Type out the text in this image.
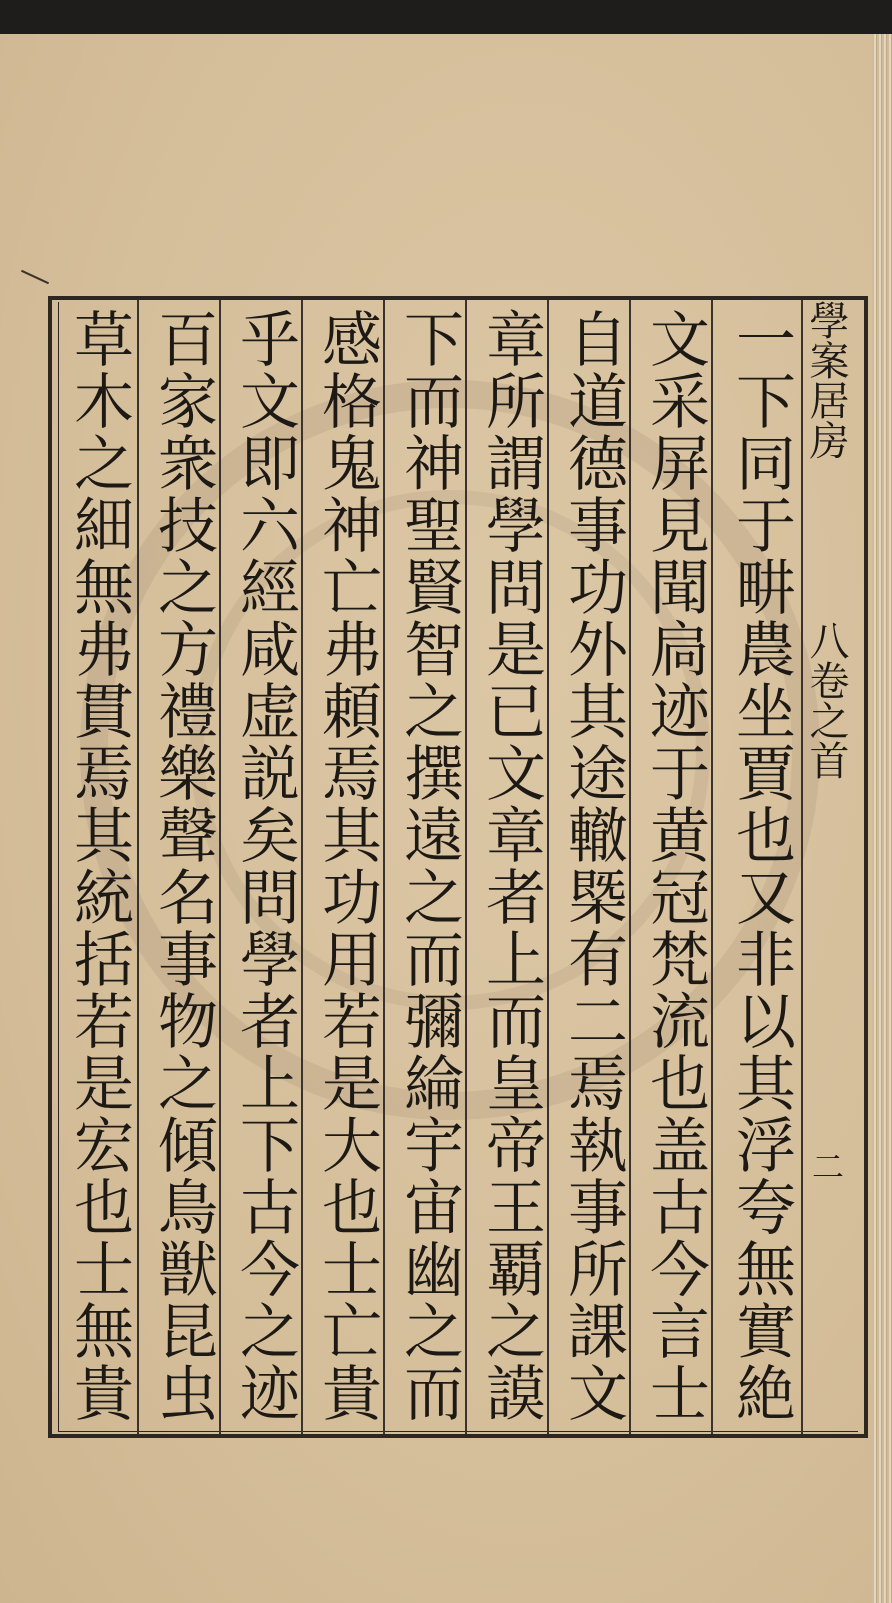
一下同于畊農坐賈也又非以其浮夸無實絶
文采屏見聞扃迹于黄冠梵流也盖古今言士
自道德事功外其途轍槩有二焉執事所課文
章所謂學問是已文章者上而皇帝王覇之謨
下而神聖賢智之撰遠之而彌綸宇宙幽之而
感格鬼神亡弗頼焉其功用若是大也士亡貴
乎文即六經咸虚説矣問學者上下古今之迹
百家衆技之方禮樂聲名事物之傾鳥獣昆虫
草木之細無弗貫焉其統括若是宏也士無貴	學案居房
八卷之首
二
